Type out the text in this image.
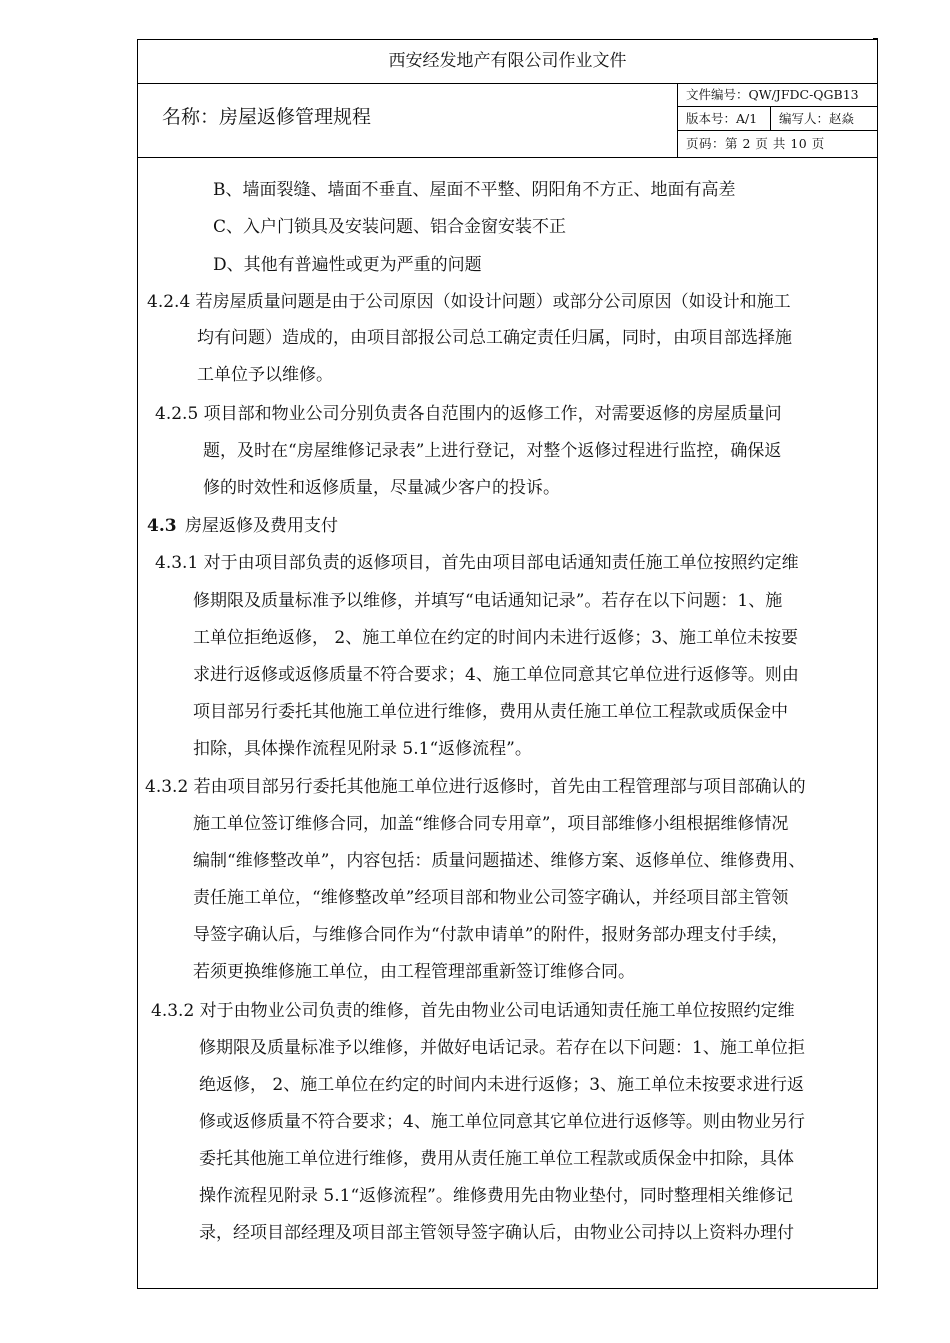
西安经发地产有限公司作业文件
名称：房屋返修管理规程
文件编号：QW/JFDC-QGB13
版本号：A/1	编写人：赵焱
页码：第 2 页 共 10 页
B、墙面裂缝、墙面不垂直、屋面不平整、阴阳角不方正、地面有高差
C、入户门锁具及安装问题、铝合金窗安装不正
D、其他有普遍性或更为严重的问题
4.2.4 若房屋质量问题是由于公司原因（如设计问题）或部分公司原因（如设计和施工
均有问题）造成的，由项目部报公司总工确定责任归属，同时，由项目部选择施
工单位予以维修。
4.2.5 项目部和物业公司分别负责各自范围内的返修工作，对需要返修的房屋质量问
题，及时在“房屋维修记录表”上进行登记，对整个返修过程进行监控，确保返
修的时效性和返修质量，尽量减少客户的投诉。
4.3 房屋返修及费用支付
4.3.1 对于由项目部负责的返修项目，首先由项目部电话通知责任施工单位按照约定维
修期限及质量标准予以维修，并填写“电话通知记录”。若存在以下问题：1、施
工单位拒绝返修， 2、施工单位在约定的时间内未进行返修；3、施工单位未按要
求进行返修或返修质量不符合要求；4、施工单位同意其它单位进行返修等。则由
项目部另行委托其他施工单位进行维修，费用从责任施工单位工程款或质保金中
扣除，具体操作流程见附录 5.1“返修流程”。
4.3.2 若由项目部另行委托其他施工单位进行返修时，首先由工程管理部与项目部确认的
施工单位签订维修合同，加盖“维修合同专用章”，项目部维修小组根据维修情况
编制“维修整改单”，内容包括：质量问题描述、维修方案、返修单位、维修费用、
责任施工单位，“维修整改单”经项目部和物业公司签字确认，并经项目部主管领
导签字确认后，与维修合同作为“付款申请单”的附件，报财务部办理支付手续，
若须更换维修施工单位，由工程管理部重新签订维修合同。
4.3.2 对于由物业公司负责的维修，首先由物业公司电话通知责任施工单位按照约定维
修期限及质量标准予以维修，并做好电话记录。若存在以下问题：1、施工单位拒
绝返修， 2、施工单位在约定的时间内未进行返修；3、施工单位未按要求进行返
修或返修质量不符合要求；4、施工单位同意其它单位进行返修等。则由物业另行
委托其他施工单位进行维修，费用从责任施工单位工程款或质保金中扣除，具体
操作流程见附录 5.1“返修流程”。维修费用先由物业垫付，同时整理相关维修记
录，经项目部经理及项目部主管领导签字确认后，由物业公司持以上资料办理付
